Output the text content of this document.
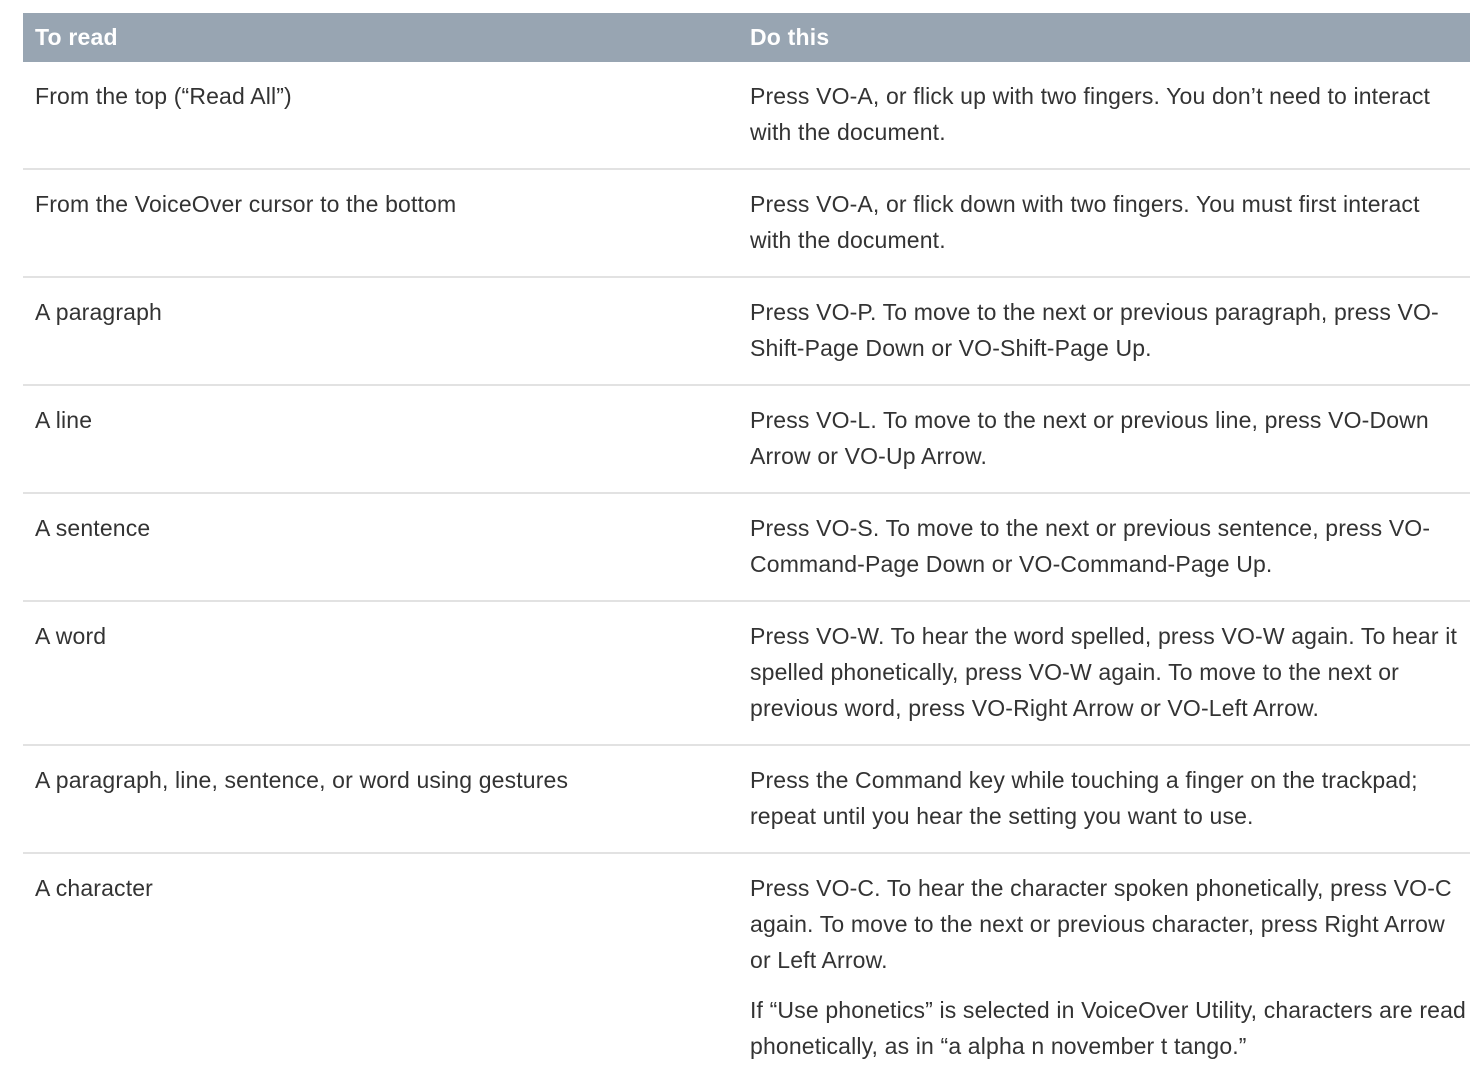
To read	Do this
From the top (“Read All”)	Press VO-A, or flick up with two fingers. You don’t need to interact with the document.

From the VoiceOver cursor to the bottom	Press VO-A, or flick down with two fingers. You must first interact with the document.

A paragraph	Press VO-P. To move to the next or previous paragraph, press VO-Shift-Page Down or VO-Shift-Page Up.

A line	Press VO-L. To move to the next or previous line, press VO-Down Arrow or VO-Up Arrow.

A sentence	Press VO-S. To move to the next or previous sentence, press VO-Command-Page Down or VO-Command-Page Up.

A word	Press VO-W. To hear the word spelled, press VO-W again. To hear it spelled phonetically, press VO-W again. To move to the next or previous word, press VO-Right Arrow or VO-Left Arrow.

A paragraph, line, sentence, or word using gestures	Press the Command key while touching a finger on the trackpad; repeat until you hear the setting you want to use.

A character	Press VO-C. To hear the character spoken phonetically, press VO-C again. To move to the next or previous character, press Right Arrow or Left Arrow.

If “Use phonetics” is selected in VoiceOver Utility, characters are read phonetically, as in “a alpha n november t tango.”
